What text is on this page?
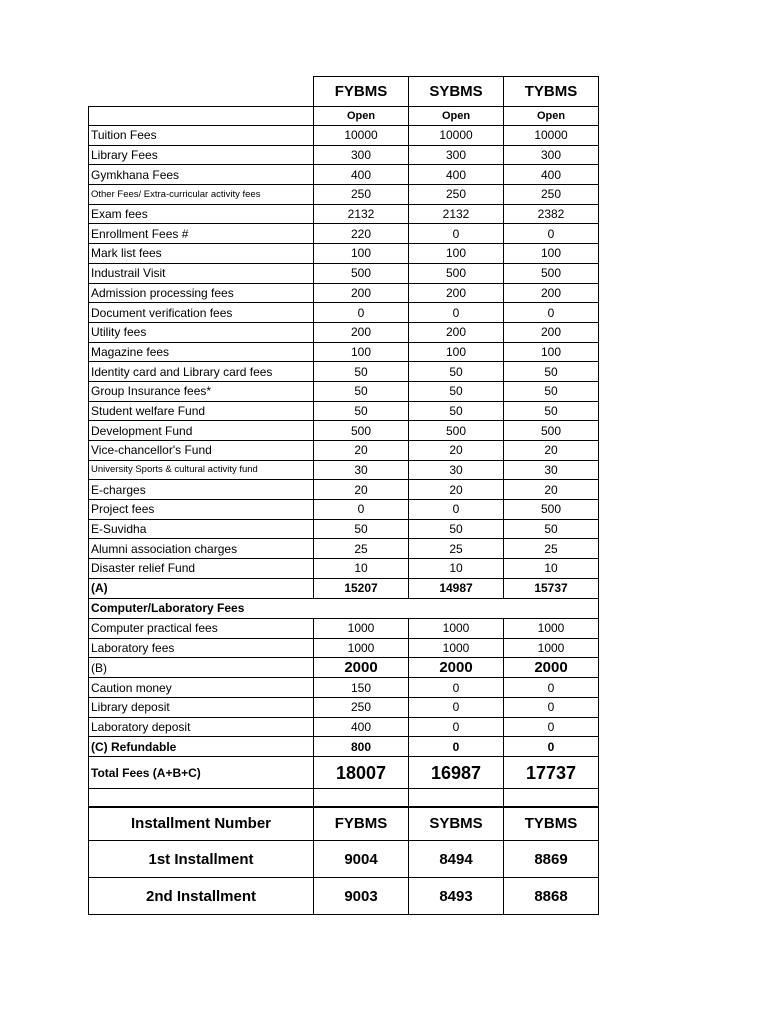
	FYBMS	SYBMS	TYBMS
	Open	Open	Open
Tuition Fees	10000	10000	10000
Library Fees	300	300	300
Gymkhana Fees	400	400	400
Other Fees/ Extra-curricular activity fees	250	250	250
Exam fees	2132	2132	2382
Enrollment Fees #	220	0	0
Mark list fees	100	100	100
Industrail Visit	500	500	500
Admission processing fees	200	200	200
Document verification fees	0	0	0
Utility fees	200	200	200
Magazine fees	100	100	100
Identity card and Library card fees	50	50	50
Group Insurance fees*	50	50	50
Student welfare Fund	50	50	50
Development Fund	500	500	500
Vice-chancellor's Fund	20	20	20
University Sports & cultural activity fund	30	30	30
E-charges	20	20	20
Project fees	0	0	500
E-Suvidha	50	50	50
Alumni association charges	25	25	25
Disaster relief Fund	10	10	10
(A)	15207	14987	15737
Computer/Laboratory Fees			
Computer practical fees	1000	1000	1000
Laboratory fees	1000	1000	1000
(B)	2000	2000	2000
Caution money	150	0	0
Library deposit	250	0	0
Laboratory deposit	400	0	0
(C) Refundable	800	0	0
Total Fees (A+B+C)	18007	16987	17737

Installment Number	FYBMS	SYBMS	TYBMS
1st Installment	9004	8494	8869
2nd Installment	9003	8493	8868
